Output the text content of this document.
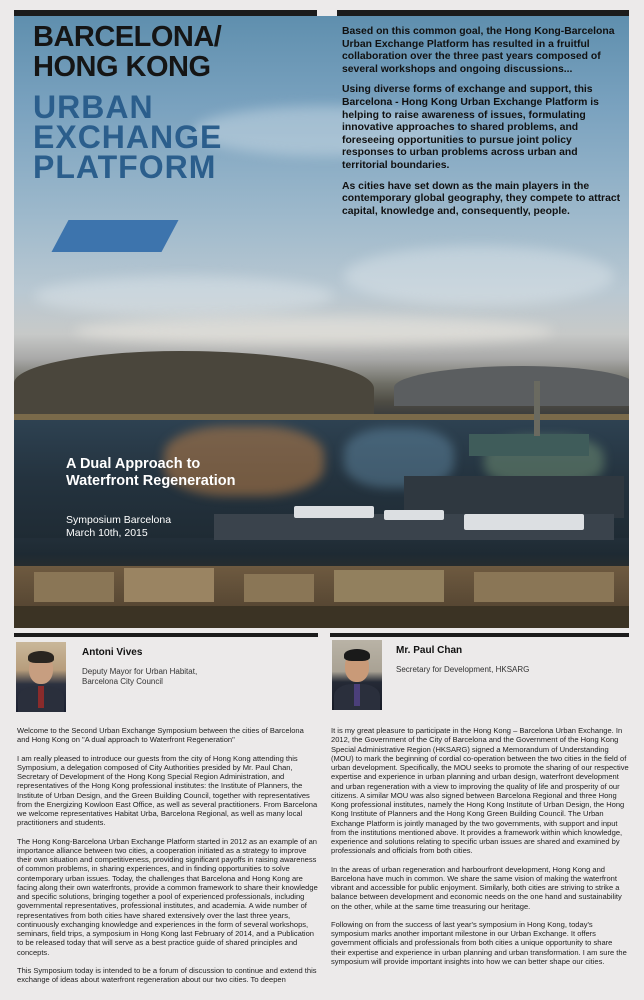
BARCELONA/
HONG KONG
URBAN
EXCHANGE
PLATFORM

Based on this common goal, the Hong Kong-Barcelona Urban Exchange Platform has resulted in a fruitful collaboration over the three past years composed of several workshops and ongoing discussions...

Using diverse forms of exchange and support, this Barcelona - Hong Kong Urban Exchange Platform is helping to raise awareness of issues, formulating innovative approaches to shared problems, and foreseeing opportunities to pursue joint policy responses to urban problems across urban and territorial boundaries.

As cities have set down as the main players in the contemporary global geography, they compete to attract capital, knowledge and, consequently, people.

A Dual Approach to Waterfront Regeneration
Symposium Barcelona
March 10th, 2015
Antoni Vives
Deputy Mayor for Urban Habitat,
Barcelona City Council
Mr. Paul Chan
Secretary for Development, HKSARG

Welcome to the Second Urban Exchange Symposium between the cities of Barcelona and Hong Kong on "A dual approach to Waterfront Regeneration"

I am really pleased to introduce our guests from the city of Hong Kong attending this Symposium, a delegation composed of City Authorities presided by Mr. Paul Chan, Secretary of Development of the Hong Kong Special Region Administration, and representatives of the Hong Kong professional institutes: the Institute of Planners, the Institute of Urban Design, and the Green Building Council, together with representatives from the Energizing Kowloon East Office, as well as several practitioners. From Barcelona we welcome representatives Habitat Urba, Barcelona Regional, as well as many local practitioners and students.

The Hong Kong-Barcelona Urban Exchange Platform started in 2012 as an example of an importance alliance between two cities, a cooperation initiated as a strategy to improve their own situation and competitiveness, providing significant payoffs in raising awareness of common problems, in sharing experiences, and in finding opportunities to solve contemporary urban issues. Today, the challenges that Barcelona and Hong Kong are facing along their own waterfronts, provide a common framework to share their knowledge and specific solutions, bringing together a pool of experienced professionals, including governmental representatives, professional institutes, and academia. A wide number of representatives from both cities have shared extensively over the last three years, continuously exchanging knowledge and experiences in the form of several workshops, seminars, field trips, a symposium in Hong Kong last February of 2014, and a Publication to be released today that will serve as a best practice guide of shared principles and concepts.

This Symposium today is intended to be a forum of discussion to continue and extend this exchange of ideas about waterfront regeneration about our two cities. To deepen

It is my great pleasure to participate in the Hong Kong – Barcelona Urban Exchange. In 2012, the Government of the City of Barcelona and the Government of the Hong Kong Special Administrative Region (HKSARG) signed a Memorandum of Understanding (MOU) to mark the beginning of cordial co-operation between the two cities in the field of urban development. Specifically, the MOU seeks to promote the sharing of our respective expertise and experience in urban planning and urban design, waterfront development and urban regeneration with a view to improving the quality of life and prosperity of our citizens. A similar MOU was also signed between Barcelona Regional and three Hong Kong professional institutes, namely the Hong Kong Institute of Urban Design, the Hong Kong Institute of Planners and the Hong Kong Green Building Council. The Urban Exchange Platform is jointly managed by the two governments, with support and input from the institutions mentioned above. It provides a framework within which knowledge, experience and solutions relating to specific urban issues are shared and examined by professionals and officials from both cities.

In the areas of urban regeneration and harbourfront development, Hong Kong and Barcelona have much in common. We share the same vision of making the waterfront vibrant and accessible for public enjoyment. Similarly, both cities are striving to strike a balance between development and economic needs on the one hand and sustainability on the other, while at the same time treasuring our heritage.

Following on from the success of last year's symposium in Hong Kong, today's symposium marks another important milestone in our Urban Exchange. It offers government officials and professionals from both cities a unique opportunity to share their expertise and experience in urban planning and urban transformation. I am sure the symposium will provide important insights into how we can better shape our cities.
